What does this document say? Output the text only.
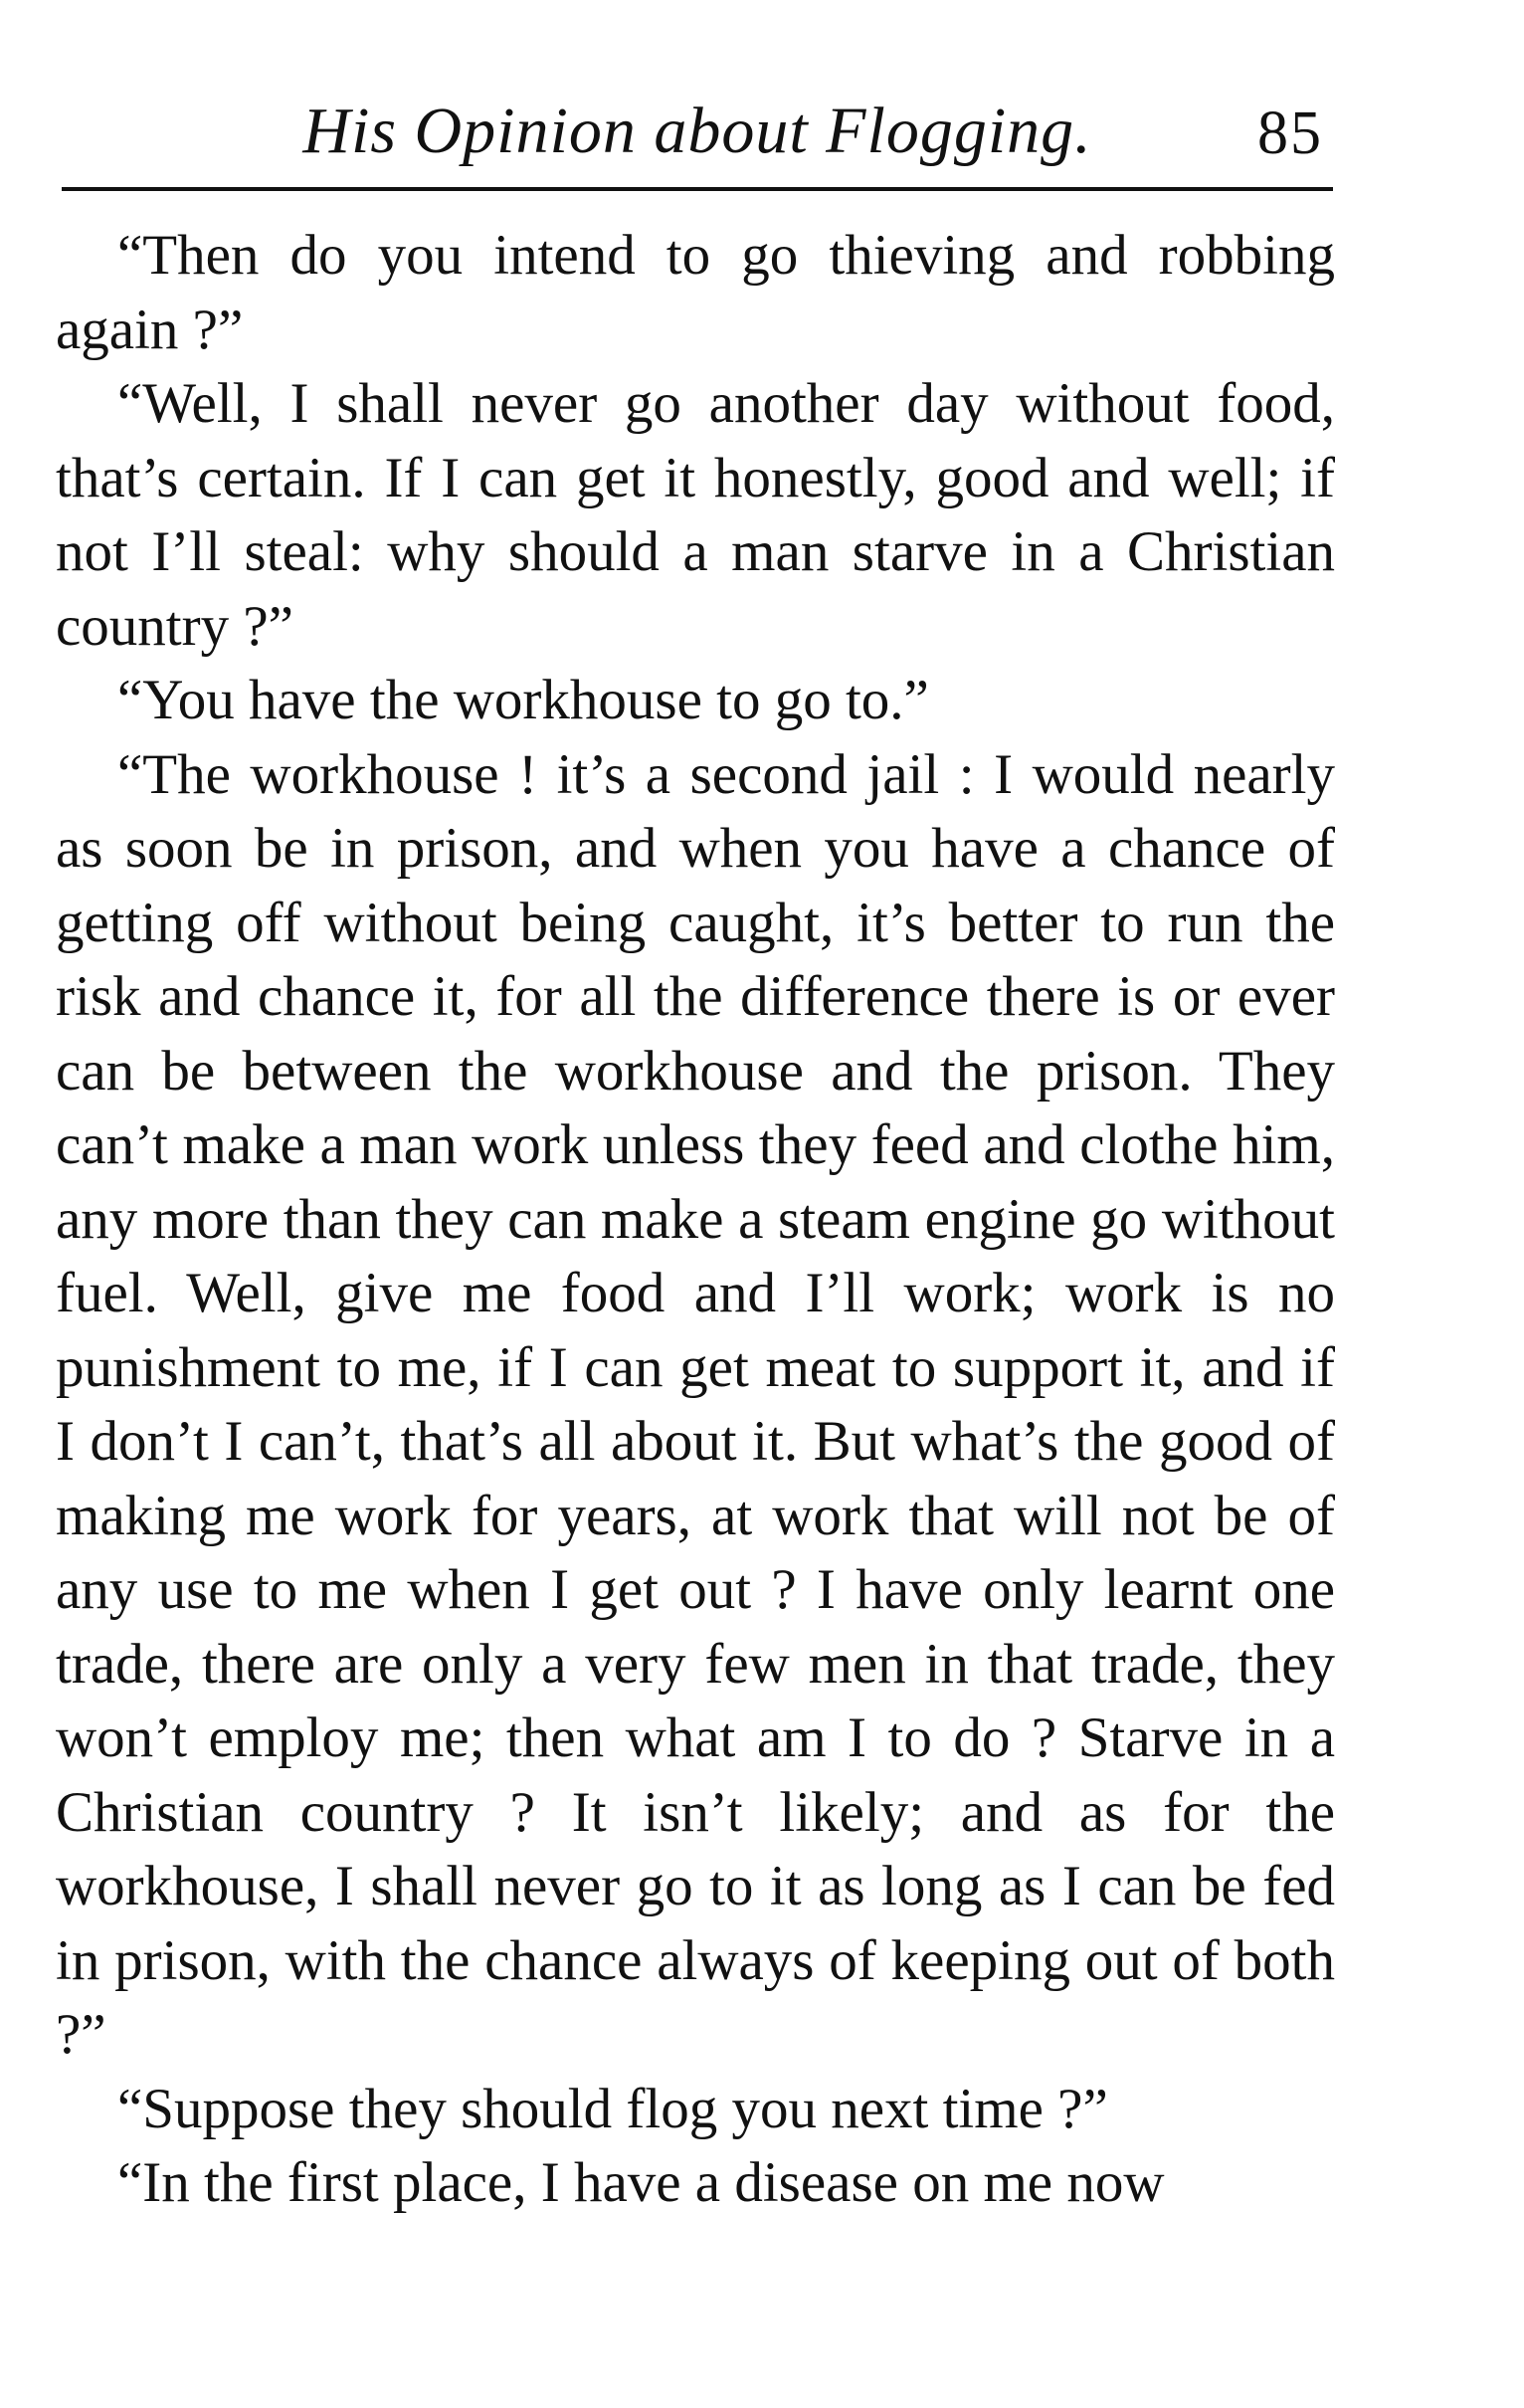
His Opinion about Flogging.	85

“Then do you intend to go thieving and robbing again ?”

“Well, I shall never go another day without food, that’s certain. If I can get it honestly, good and well; if not I’ll steal: why should a man starve in a Christian country ?”

“You have the workhouse to go to.”

“The workhouse ! it’s a second jail : I would nearly as soon be in prison, and when you have a chance of getting off without being caught, it’s better to run the risk and chance it, for all the difference there is or ever can be between the workhouse and the prison. They can’t make a man work unless they feed and clothe him, any more than they can make a steam engine go without fuel. Well, give me food and I’ll work; work is no punishment to me, if I can get meat to support it, and if I don’t I can’t, that’s all about it. But what’s the good of making me work for years, at work that will not be of any use to me when I get out ? I have only learnt one trade, there are only a very few men in that trade, they won’t employ me; then what am I to do ? Starve in a Christian country ? It isn’t likely; and as for the workhouse, I shall never go to it as long as I can be fed in prison, with the chance always of keeping out of both ?”

“Suppose they should flog you next time ?”

“In the first place, I have a disease on me now
